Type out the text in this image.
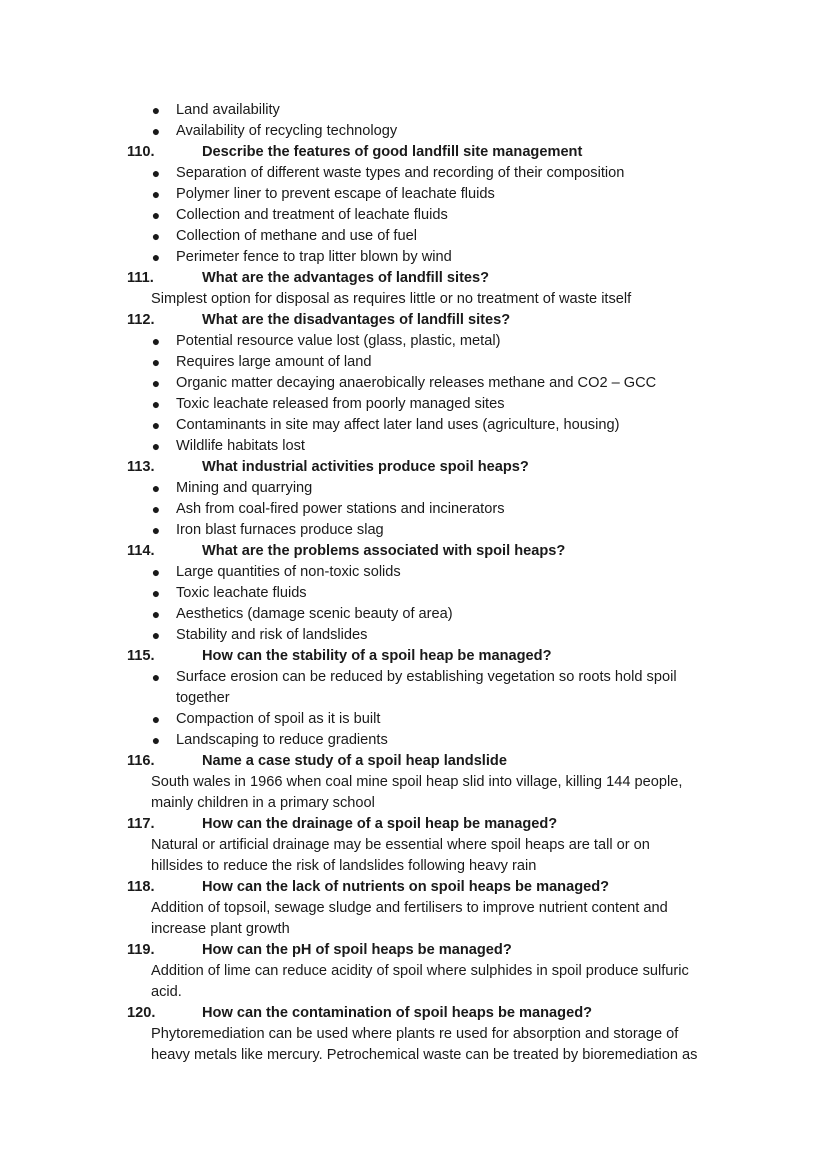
● Land availability
● Availability of recycling technology
110.	Describe the features of good landfill site management
● Separation of different waste types and recording of their composition
● Polymer liner to prevent escape of leachate fluids
● Collection and treatment of leachate fluids
● Collection of methane and use of fuel
● Perimeter fence to trap litter blown by wind
111.	What are the advantages of landfill sites?
Simplest option for disposal as requires little or no treatment of waste itself
112.	What are the disadvantages of landfill sites?
● Potential resource value lost (glass, plastic, metal)
● Requires large amount of land
● Organic matter decaying anaerobically releases methane and CO2 – GCC
● Toxic leachate released from poorly managed sites
● Contaminants in site may affect later land uses (agriculture, housing)
● Wildlife habitats lost
113.	What industrial activities produce spoil heaps?
● Mining and quarrying
● Ash from coal-fired power stations and incinerators
● Iron blast furnaces produce slag
114.	What are the problems associated with spoil heaps?
● Large quantities of non-toxic solids
● Toxic leachate fluids
● Aesthetics (damage scenic beauty of area)
● Stability and risk of landslides
115.	How can the stability of a spoil heap be managed?
● Surface erosion can be reduced by establishing vegetation so roots hold spoil
together
● Compaction of spoil as it is built
● Landscaping to reduce gradients
116.	Name a case study of a spoil heap landslide
South wales in 1966 when coal mine spoil heap slid into village, killing 144 people,
mainly children in a primary school
117.	How can the drainage of a spoil heap be managed?
Natural or artificial drainage may be essential where spoil heaps are tall or on
hillsides to reduce the risk of landslides following heavy rain
118.	How can the lack of nutrients on spoil heaps be managed?
Addition of topsoil, sewage sludge and fertilisers to improve nutrient content and
increase plant growth
119.	How can the pH of spoil heaps be managed?
Addition of lime can reduce acidity of spoil where sulphides in spoil produce sulfuric
acid.
120.	How can the contamination of spoil heaps be managed?
Phytoremediation can be used where plants re used for absorption and storage of
heavy metals like mercury. Petrochemical waste can be treated by bioremediation as
